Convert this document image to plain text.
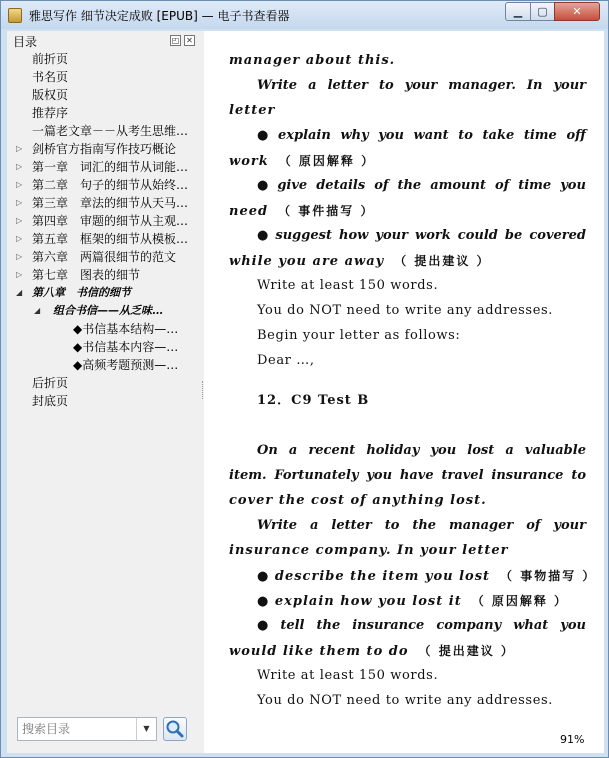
雅思写作 细节决定成败 [EPUB] — 电子书查看器	▁	▢	✕
目录	◰ ✕
前折页
书名页
版权页
推荐序
一篇老文章－－从考生思维…
▷ 剑桥官方指南写作技巧概论
▷ 第一章　词汇的细节从词能…
▷ 第二章　句子的细节从始终…
▷ 第三章　章法的细节从天马…
▷ 第四章　审题的细节从主观…
▷ 第五章　框架的细节从模板…
▷ 第六章　两篇很细节的范文
▷ 第七章　图表的细节
◢ 第八章　书信的细节
◢	组合书信——从乏味…
◆书信基本结构—…
◆书信基本内容—…
◆高频考题预测—…
后折页
封底页
搜索目录
▼
manager about this.
Write a letter to your manager. In your
letter
● explain why you want to take time off
work （ 原因解释 ）
● give details of the amount of time you
need （ 事件描写 ）
● suggest how your work could be covered
while you are away （ 提出建议 ）
Write at least 150 words.
You do NOT need to write any addresses.
Begin your letter as follows:
Dear …,
12．C9 Test B
On a recent holiday you lost a valuable
item. Fortunately you have travel insurance to
cover the cost of anything lost.
Write a letter to the manager of your
insurance company. In your letter
● describe the item you lost （ 事物描写 ）
● explain how you lost it （ 原因解释 ）
● tell the insurance company what you
would like them to do （ 提出建议 ）
Write at least 150 words.
You do NOT need to write any addresses.
91%
